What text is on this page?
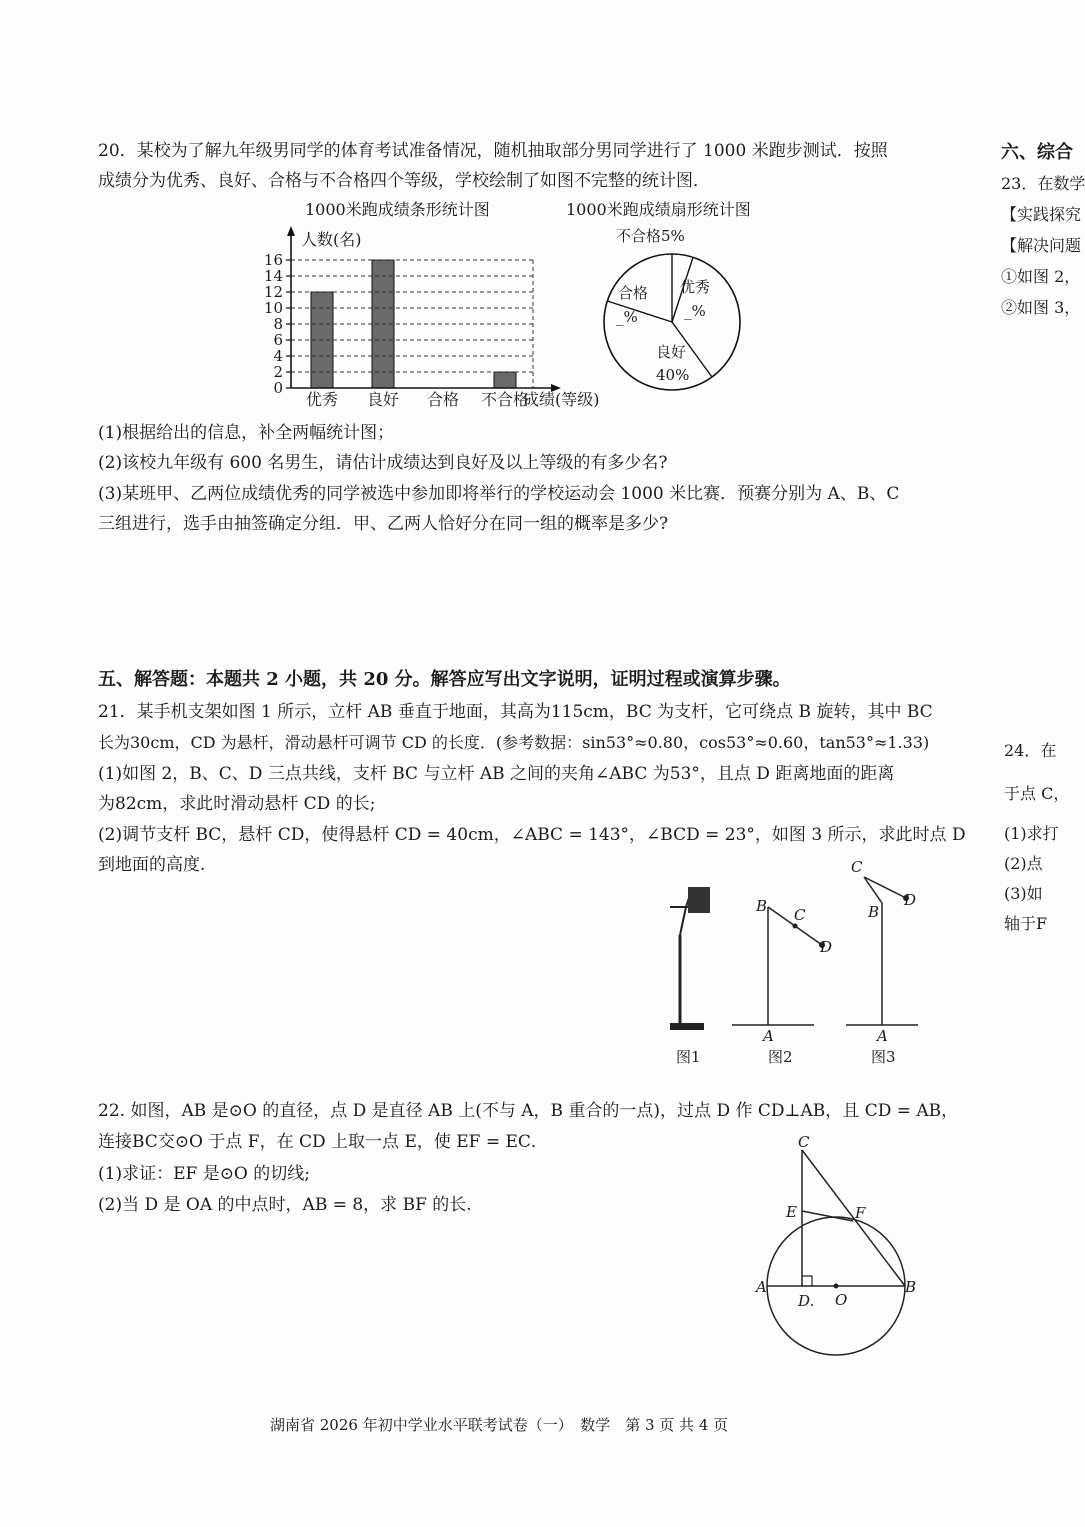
20．某校为了解九年级男同学的体育考试准备情况，随机抽取部分男同学进行了 1000 米跑步测试．按照
成绩分为优秀、良好、合格与不合格四个等级，学校绘制了如图不完整的统计图．
1000米跑成绩条形统计图
人数(名)
成绩(等级)
0
2
4
6
8
10
12
14
16
优秀 良好 合格 不合格
1000米跑成绩扇形统计图
不合格5%
优秀
_%
合格
_%
良好
40%
(1)根据给出的信息，补全两幅统计图；
(2)该校九年级有 600 名男生，请估计成绩达到良好及以上等级的有多少名?
(3)某班甲、乙两位成绩优秀的同学被选中参加即将举行的学校运动会 1000 米比赛．预赛分别为 A、B、C
三组进行，选手由抽签确定分组．甲、乙两人恰好分在同一组的概率是多少?
五、解答题：本题共 2 小题，共 20 分。解答应写出文字说明，证明过程或演算步骤。
21．某手机支架如图 1 所示，立杆 AB 垂直于地面，其高为115cm，BC 为支杆，它可绕点 B 旋转，其中 BC
长为30cm，CD 为悬杆，滑动悬杆可调节 CD 的长度．(参考数据：sin53°≈0.80，cos53°≈0.60，tan53°≈1.33)
(1)如图 2，B、C、D 三点共线，支杆 BC 与立杆 AB 之间的夹角∠ABC 为53°，且点 D 距离地面的距离
为82cm，求此时滑动悬杆 CD 的长;
(2)调节支杆 BC，悬杆 CD，使得悬杆 CD = 40cm，∠ABC = 143°，∠BCD = 23°，如图 3 所示，求此时点 D
到地面的高度.
图1
B C
D
A
图2
C
B
D
A
图3
22. 如图，AB 是⊙O 的直径，点 D 是直径 AB 上(不与 A，B 重合的一点)，过点 D 作 CD⊥AB，且 CD = AB，
连接BC交⊙O 于点 F，在 CD 上取一点 E，使 EF = EC．
(1)求证：EF 是⊙O 的切线;
(2)当 D 是 OA 的中点时，AB = 8，求 BF 的长.
C
E	F
A
D. O
B
六、综合
23．在数学
【实践探究
【解决问题
①如图 2，
②如图 3，
24．在
于点 C，
(1)求打
(2)点
(3)如
轴于F
湖南省 2026 年初中学业水平联考试卷（一）　数学　第 3 页 共 4 页
